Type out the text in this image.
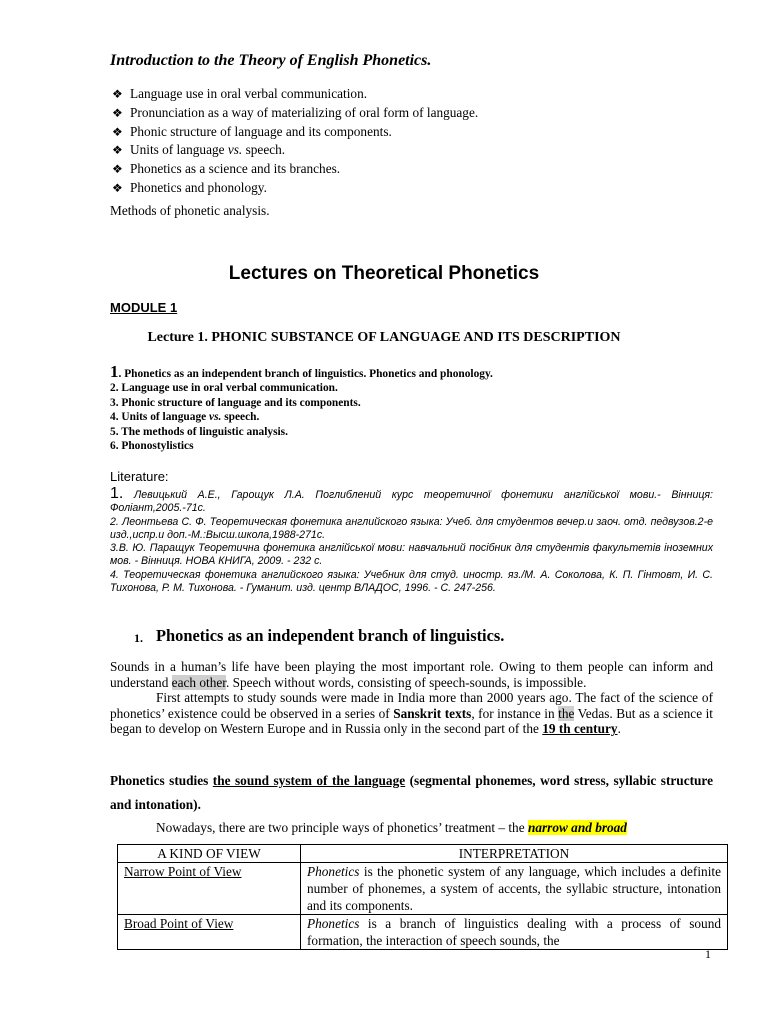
Introduction to the Theory of English Phonetics.
❖ Language use in oral verbal communication.
❖ Pronunciation as a way of materializing of oral form of language.
❖ Phonic structure of language and its components.
❖ Units of language vs. speech.
❖ Phonetics as a science and its branches.
❖ Phonetics and phonology.
Methods of phonetic analysis.
Lectures on Theoretical Phonetics
MODULE 1
Lecture 1. PHONIC SUBSTANCE OF LANGUAGE AND ITS DESCRIPTION
1. Phonetics as an independent branch of linguistics. Phonetics and phonology.
2. Language use in oral verbal communication.
3. Phonic structure of language and its components.
4. Units of language vs. speech.
5. The methods of linguistic analysis.
6. Phonostylistics
Literature:
1. Левицький А.Е., Гарощук Л.А. Поглиблений курс теоретичної фонетики англійської мови.- Вінниця: Фоліант,2005.-71с.
2. Леонтьева С. Ф. Теоретическая фонетика английского языка: Учеб. для студентов вечер.и заоч. отд. педвузов.2-е изд.,испр.и доп.-М.:Высш.школа,1988-271с.
3.В. Ю. Паращук Теоретична фонетика англійської мови: навчальний посібник для студентів факультетів іноземних мов. - Вінниця. НОВА КНИГА, 2009. - 232 с.
4. Теоретическая фонетика английского языка: Учебник для студ. иностр. яз./М. А. Соколова, К. П. Гінтовт, И. С. Тихонова, Р. М. Тихонова. - Гуманит. изд. центр ВЛАДОС, 1996. - С. 247-256.
1. Phonetics as an independent branch of linguistics.
Sounds in a human’s life have been playing the most important role. Owing to them people can inform and understand each other. Speech without words, consisting of speech-sounds, is impossible.
First attempts to study sounds were made in India more than 2000 years ago. The fact of the science of phonetics’ existence could be observed in a series of Sanskrit texts, for instance in the Vedas. But as a science it began to develop on Western Europe and in Russia only in the second part of the 19 th century.
Phonetics studies the sound system of the language (segmental phonemes, word stress, syllabic structure and intonation).
Nowadays, there are two principle ways of phonetics’ treatment – the narrow and broad
A KIND OF VIEW	INTERPRETATION
Narrow Point of View	Phonetics is the phonetic system of any language, which includes a definite number of phonemes, a system of accents, the syllabic structure, intonation and its components.
Broad Point of View	Phonetics is a branch of linguistics dealing with a process of sound formation, the interaction of speech sounds, the
1
